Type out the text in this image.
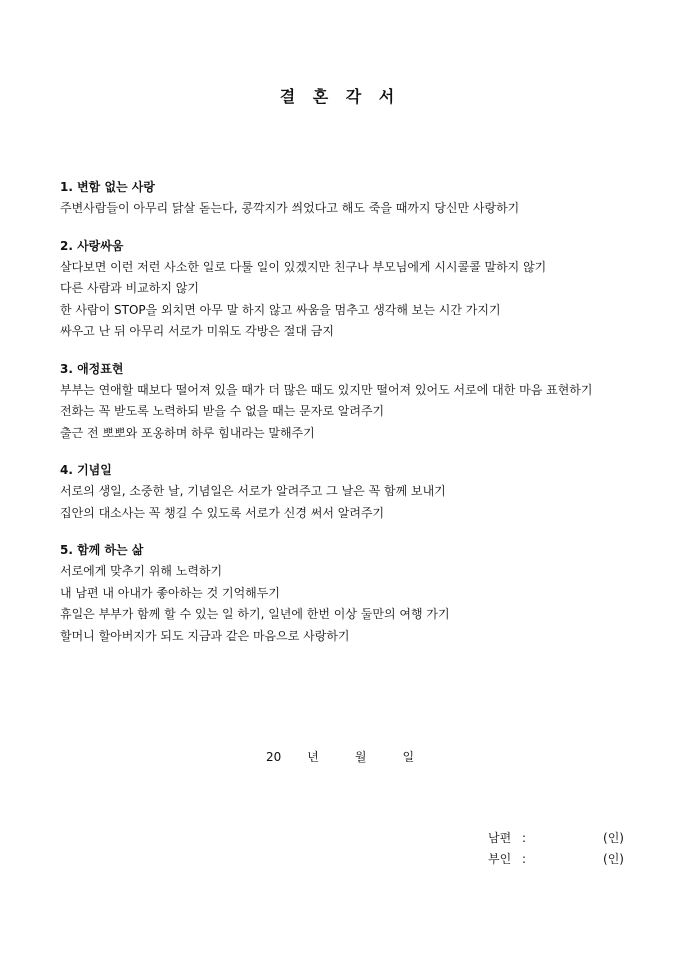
결 혼 각 서
1. 변함 없는 사랑
주변사람들이 아무리 닭살 돋는다, 콩깍지가 씌었다고 해도 죽을 때까지 당신만 사랑하기
2. 사랑싸움
살다보면 이런 저런 사소한 일로 다툴 일이 있겠지만 친구나 부모님에게 시시콜콜 말하지 않기
다른 사람과 비교하지 않기
한 사람이 STOP을 외치면 아무 말 하지 않고 싸움을 멈추고 생각해 보는 시간 가지기
싸우고 난 뒤 아무리 서로가 미워도 각방은 절대 금지
3. 애정표현
부부는 연애할 때보다 떨어져 있을 때가 더 많은 때도 있지만 떨어져 있어도 서로에 대한 마음 표현하기
전화는 꼭 받도록 노력하되 받을 수 없을 때는 문자로 알려주기
출근 전 뽀뽀와 포옹하며 하루 힘내라는 말해주기
4. 기념일
서로의 생일, 소중한 날, 기념일은 서로가 알려주고 그 날은 꼭 함께 보내기
집안의 대소사는 꼭 챙길 수 있도록 서로가 신경 써서 알려주기
5. 함께 하는 삶
서로에게 맞추기 위해 노력하기
내 남편 내 아내가 좋아하는 것 기억해두기
휴일은 부부가 함께 할 수 있는 일 하기, 일년에 한번 이상 둘만의 여행 가기
할머니 할아버지가 되도 지금과 같은 마음으로 사랑하기
20 년	월	일
남편 :	(인)
부인 :	(인)
